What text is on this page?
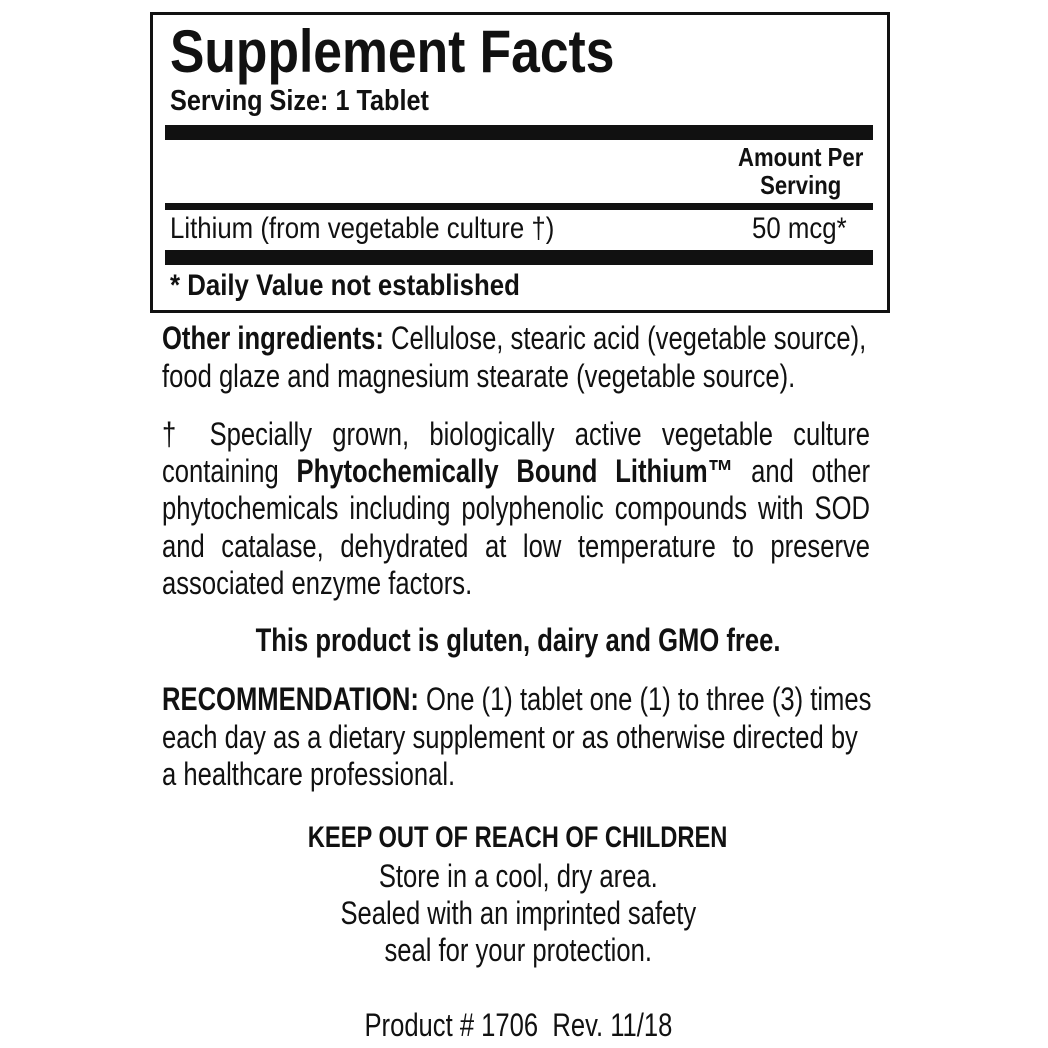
Supplement Facts
Serving Size: 1 Tablet
Amount Per
Serving
Lithium (from vegetable culture †)	50 mcg*
* Daily Value not established
Other ingredients: Cellulose, stearic acid (vegetable source),
food glaze and magnesium stearate (vegetable source).
† Specially grown, biologically active vegetable culture
containing Phytochemically Bound Lithium™ and other
phytochemicals including polyphenolic compounds with SOD
and catalase, dehydrated at low temperature to preserve
associated enzyme factors.
This product is gluten, dairy and GMO free.
RECOMMENDATION: One (1) tablet one (1) to three (3) times
each day as a dietary supplement or as otherwise directed by
a healthcare professional.
KEEP OUT OF REACH OF CHILDREN
Store in a cool, dry area.
Sealed with an imprinted safety
seal for your protection.
Product # 1706  Rev. 11/18
